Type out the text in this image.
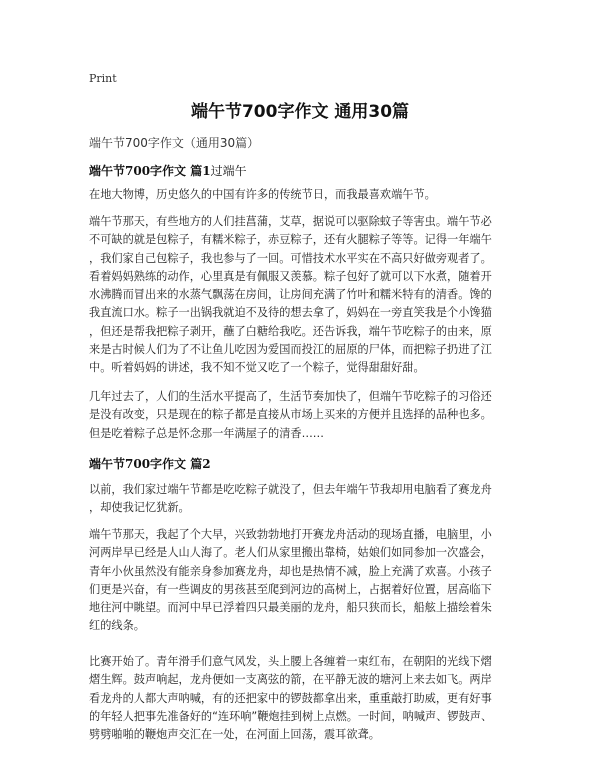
Print
端午节700字作文 通用30篇
端午节700字作文（通用30篇）
端午节700字作文 篇1过端午
在地大物博，历史悠久的中国有许多的传统节日，而我最喜欢端午节。
端午节那天，有些地方的人们挂菖蒲，艾草，据说可以驱除蚊子等害虫。端午节必
不可缺的就是包粽子，有糯米粽子，赤豆粽子，还有火腿粽子等等。记得一年端午
，我们家自己包粽子，我也参与了一回。可惜技术水平实在不高只好做旁观者了。
看着妈妈熟练的动作，心里真是有佩服又羡慕。粽子包好了就可以下水煮，随着开
水沸腾而冒出来的水蒸气飘荡在房间，让房间充满了竹叶和糯米特有的清香。馋的
我直流口水。粽子一出锅我就迫不及待的想去拿了，妈妈在一旁直笑我是个小馋猫
，但还是帮我把粽子剥开，蘸了白糖给我吃。还告诉我，端午节吃粽子的由来，原
来是古时候人们为了不让鱼儿吃因为爱国而投江的屈原的尸体，而把粽子扔进了江
中。听着妈妈的讲述，我不知不觉又吃了一个粽子，觉得甜甜好甜。
几年过去了，人们的生活水平提高了，生活节奏加快了，但端午节吃粽子的习俗还
是没有改变，只是现在的粽子都是直接从市场上买来的方便并且选择的品种也多。
但是吃着粽子总是怀念那一年满屋子的清香……
端午节700字作文 篇2
以前，我们家过端午节都是吃吃粽子就没了，但去年端午节我却用电脑看了赛龙舟
，却使我记忆犹新。
端午节那天，我起了个大早，兴致勃勃地打开赛龙舟活动的现场直播，电脑里，小
河两岸早已经是人山人海了。老人们从家里搬出靠椅，姑娘们如同参加一次盛会，
青年小伙虽然没有能亲身参加赛龙舟，却也是热情不减，脸上充满了欢喜。小孩子
们更是兴奋，有一些调皮的男孩甚至爬到河边的高树上，占据着好位置，居高临下
地往河中眺望。而河中早已浮着四只最美丽的龙舟，船只狭而长，船舷上描绘着朱
红的线条。
比赛开始了。青年滑手们意气风发，头上腰上各缠着一束红布，在朝阳的光线下熠
熠生辉。鼓声响起，龙舟便如一支离弦的箭，在平静无波的塘河上来去如飞。两岸
看龙舟的人都大声呐喊，有的还把家中的锣鼓都拿出来，重重敲打助威，更有好事
的年轻人把事先准备好的“连环响”鞭炮挂到树上点燃。一时间，呐喊声、锣鼓声、
劈劈啪啪的鞭炮声交汇在一处，在河面上回荡，震耳欲聋。
